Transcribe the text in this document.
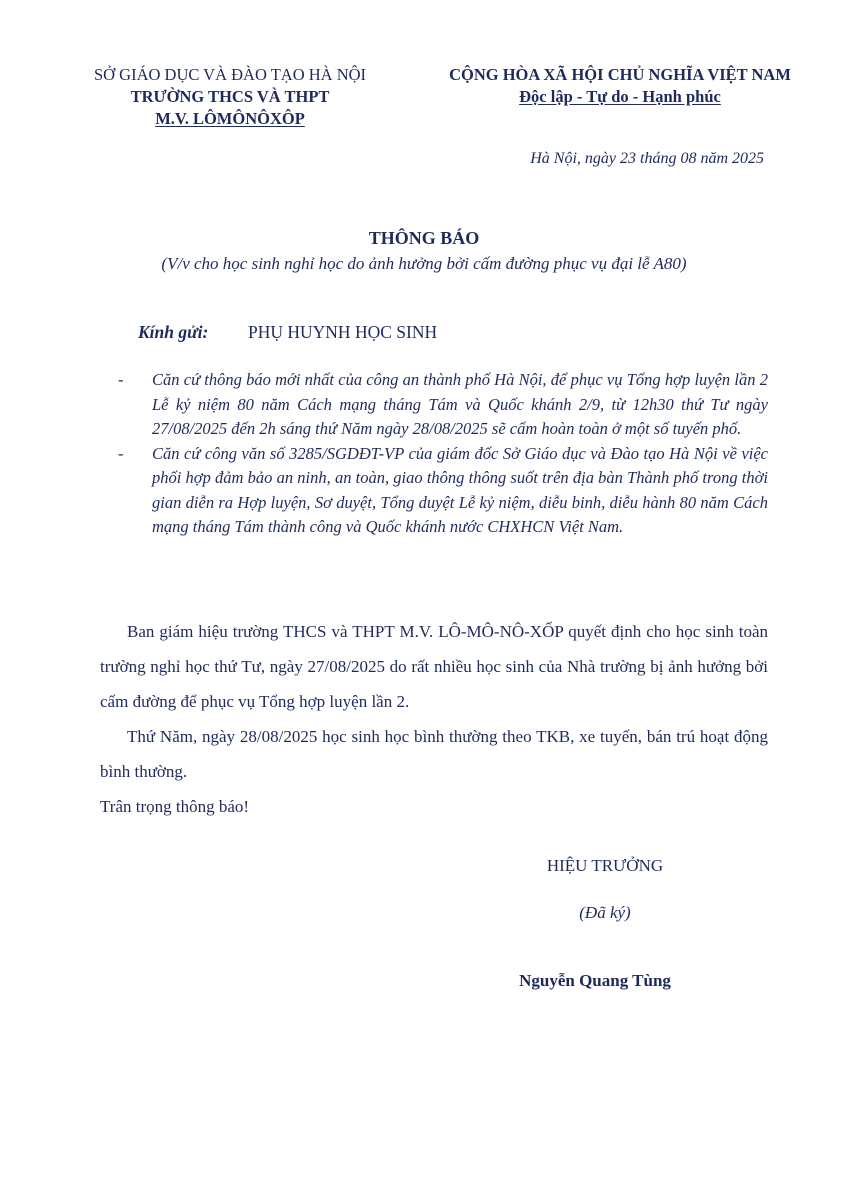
SỞ GIÁO DỤC VÀ ĐÀO TẠO HÀ NỘI
TRƯỜNG THCS VÀ THPT
M.V. LÔMÔNÔXÔP
CỘNG HÒA XÃ HỘI CHỦ NGHĨA VIỆT NAM
Độc lập - Tự do - Hạnh phúc
Hà Nội, ngày 23 tháng 08 năm 2025
THÔNG BÁO
(V/v cho học sinh nghỉ học do ảnh hưởng bởi cấm đường phục vụ đại lễ A80)
Kính gửi: PHỤ HUYNH HỌC SINH
- Căn cứ thông báo mới nhất của công an thành phố Hà Nội, để phục vụ Tổng hợp luyện lần 2 Lễ kỷ niệm 80 năm Cách mạng tháng Tám và Quốc khánh 2/9, từ 12h30 thứ Tư ngày 27/08/2025 đến 2h sáng thứ Năm ngày 28/08/2025 sẽ cấm hoàn toàn ở một số tuyến phố.
- Căn cứ công văn số 3285/SGDĐT-VP của giám đốc Sở Giáo dục và Đào tạo Hà Nội về việc phối hợp đảm bảo an ninh, an toàn, giao thông thông suốt trên địa bàn Thành phố trong thời gian diễn ra Hợp luyện, Sơ duyệt, Tổng duyệt Lễ kỷ niệm, diễu binh, diễu hành 80 năm Cách mạng tháng Tám thành công và Quốc khánh nước CHXHCN Việt Nam.

Ban giám hiệu trường THCS và THPT M.V. LÔ-MÔ-NÔ-XỐP quyết định cho học sinh toàn trường nghỉ học thứ Tư, ngày 27/08/2025 do rất nhiều học sinh của Nhà trường bị ảnh hưởng bởi cấm đường để phục vụ Tổng hợp luyện lần 2.

Thứ Năm, ngày 28/08/2025 học sinh học bình thường theo TKB, xe tuyến, bán trú hoạt động bình thường.

Trân trọng thông báo!

HIỆU TRƯỞNG
(Đã ký)
Nguyễn Quang Tùng
